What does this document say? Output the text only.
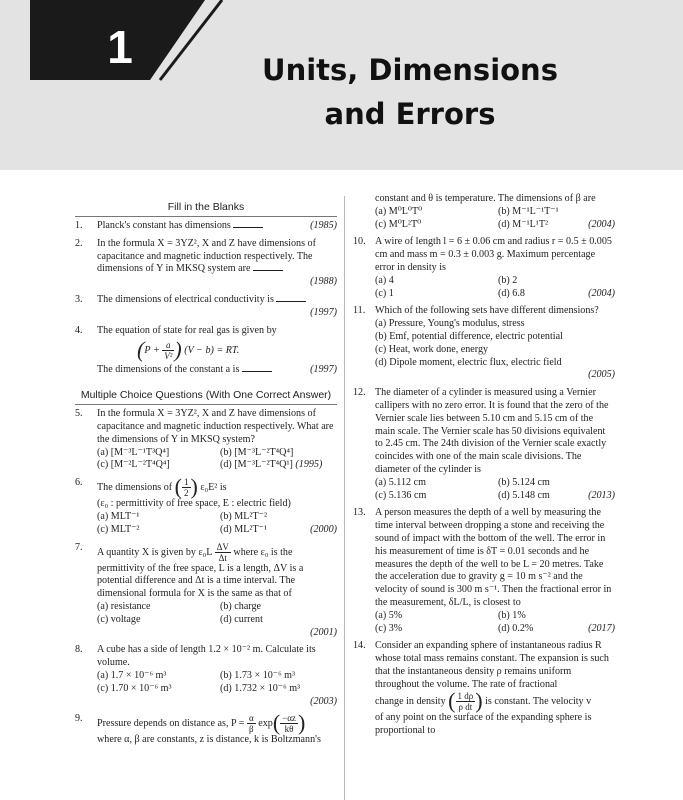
1	Units, Dimensions and Errors
Fill in the Blanks
1. Planck's constant has dimensions	(1985)
2. In the formula X = 3YZ², X and Z have dimensions of capacitance and magnetic induction respectively. The dimensions of Y in MKSQ system are
(1988)
3. The dimensions of electrical conductivity is
(1997)
4. The equation of state for real gas is given by
($P + \frac{a}{\text{V²}}$ ) (V − b) = RT.
The dimensions of the constant a is	(1997)
Multiple Choice Questions (With One Correct Answer)
5. In the formula X = 3YZ², X and Z have dimensions of capacitance and magnetic induction respectively. What are the dimensions of Y in MKSQ system?
(a) [M⁻³L⁻¹T³Q⁴]	(b) [M⁻³L⁻²T⁴Q⁴]
(c) [M⁻²L⁻²T⁴Q⁴]	(d) [M⁻³L⁻²T⁴Q¹] (1995)
6. The dimensions of ( $\frac{1}{2}$ ) ε₀E² is
(ε₀ : permittivity of free space, E : electric field)
(a) MLT⁻¹	(b) ML²T⁻²
(c) MLT⁻²	(d) ML²T⁻¹	(2000)
7. A quantity X is given by $\varepsilon_0L \frac{\Delta V}{\Delta t}$ where ε₀ is the
permittivity of the free space, L is a length, ΔV is a potential difference and Δt is a time interval. The dimensional formula for X is the same as that of
(a) resistance	(b) charge
(c) voltage	(d) current
(2001)
8. A cube has a side of length 1.2 × 10⁻² m. Calculate its volume.
(a) 1.7 × 10⁻⁶ m³	(b) 1.73 × 10⁻⁶ m³
(c) 1.70 × 10⁻⁶ m³	(d) 1.732 × 10⁻⁶ m³
(2003)
9. Pressure depends on distance as, $P = \frac{\alpha}{\beta} \exp( \frac{-\alpha z}{k\theta}$ )
where α, β are constants, z is distance, k is Boltzmann's
constant and θ is temperature. The dimensions of β are
(a) M⁰L⁰T⁰	(b) M⁻¹L⁻¹T⁻¹
(c) M⁰L²T⁰	(d) M⁻¹L¹T²	(2004)
10. A wire of length l = 6 ± 0.06 cm and radius r = 0.5 ± 0.005 cm and mass m = 0.3 ± 0.003 g. Maximum percentage error in density is
(a) 4	(b) 2
(c) 1	(d) 6.8	(2004)
11. Which of the following sets have different dimensions?
(a) Pressure, Young's modulus, stress
(b) Emf, potential difference, electric potential
(c) Heat, work done, energy
(d) Dipole moment, electric flux, electric field
(2005)
12. The diameter of a cylinder is measured using a Vernier callipers with no zero error. It is found that the zero of the Vernier scale lies between 5.10 cm and 5.15 cm of the main scale. The Vernier scale has 50 divisions equivalent to 2.45 cm. The 24th division of the Vernier scale exactly coincides with one of the main scale divisions. The diameter of the cylinder is
(a) 5.112 cm	(b) 5.124 cm
(c) 5.136 cm	(d) 5.148 cm	(2013)
13. A person measures the depth of a well by measuring the time interval between dropping a stone and receiving the sound of impact with the bottom of the well. The error in his measurement of time is δT = 0.01 seconds and he measures the depth of the well to be L = 20 metres. Take the acceleration due to gravity g = 10 m s⁻² and the velocity of sound is 300 m s⁻¹. Then the fractional error in the measurement, δL/L, is closest to
(a) 5%	(b) 1%
(c) 3%	(d) 0.2%	(2017)
14. Consider an expanding sphere of instantaneous radius R whose total mass remains constant. The expansion is such that the instantaneous density ρ remains uniform throughout the volume. The rate of fractional
change in density ( $\frac{1 d\rho}{\text{ρ dt}}$ ) is constant. The velocity v
of any point on the surface of the expanding sphere is proportional to
